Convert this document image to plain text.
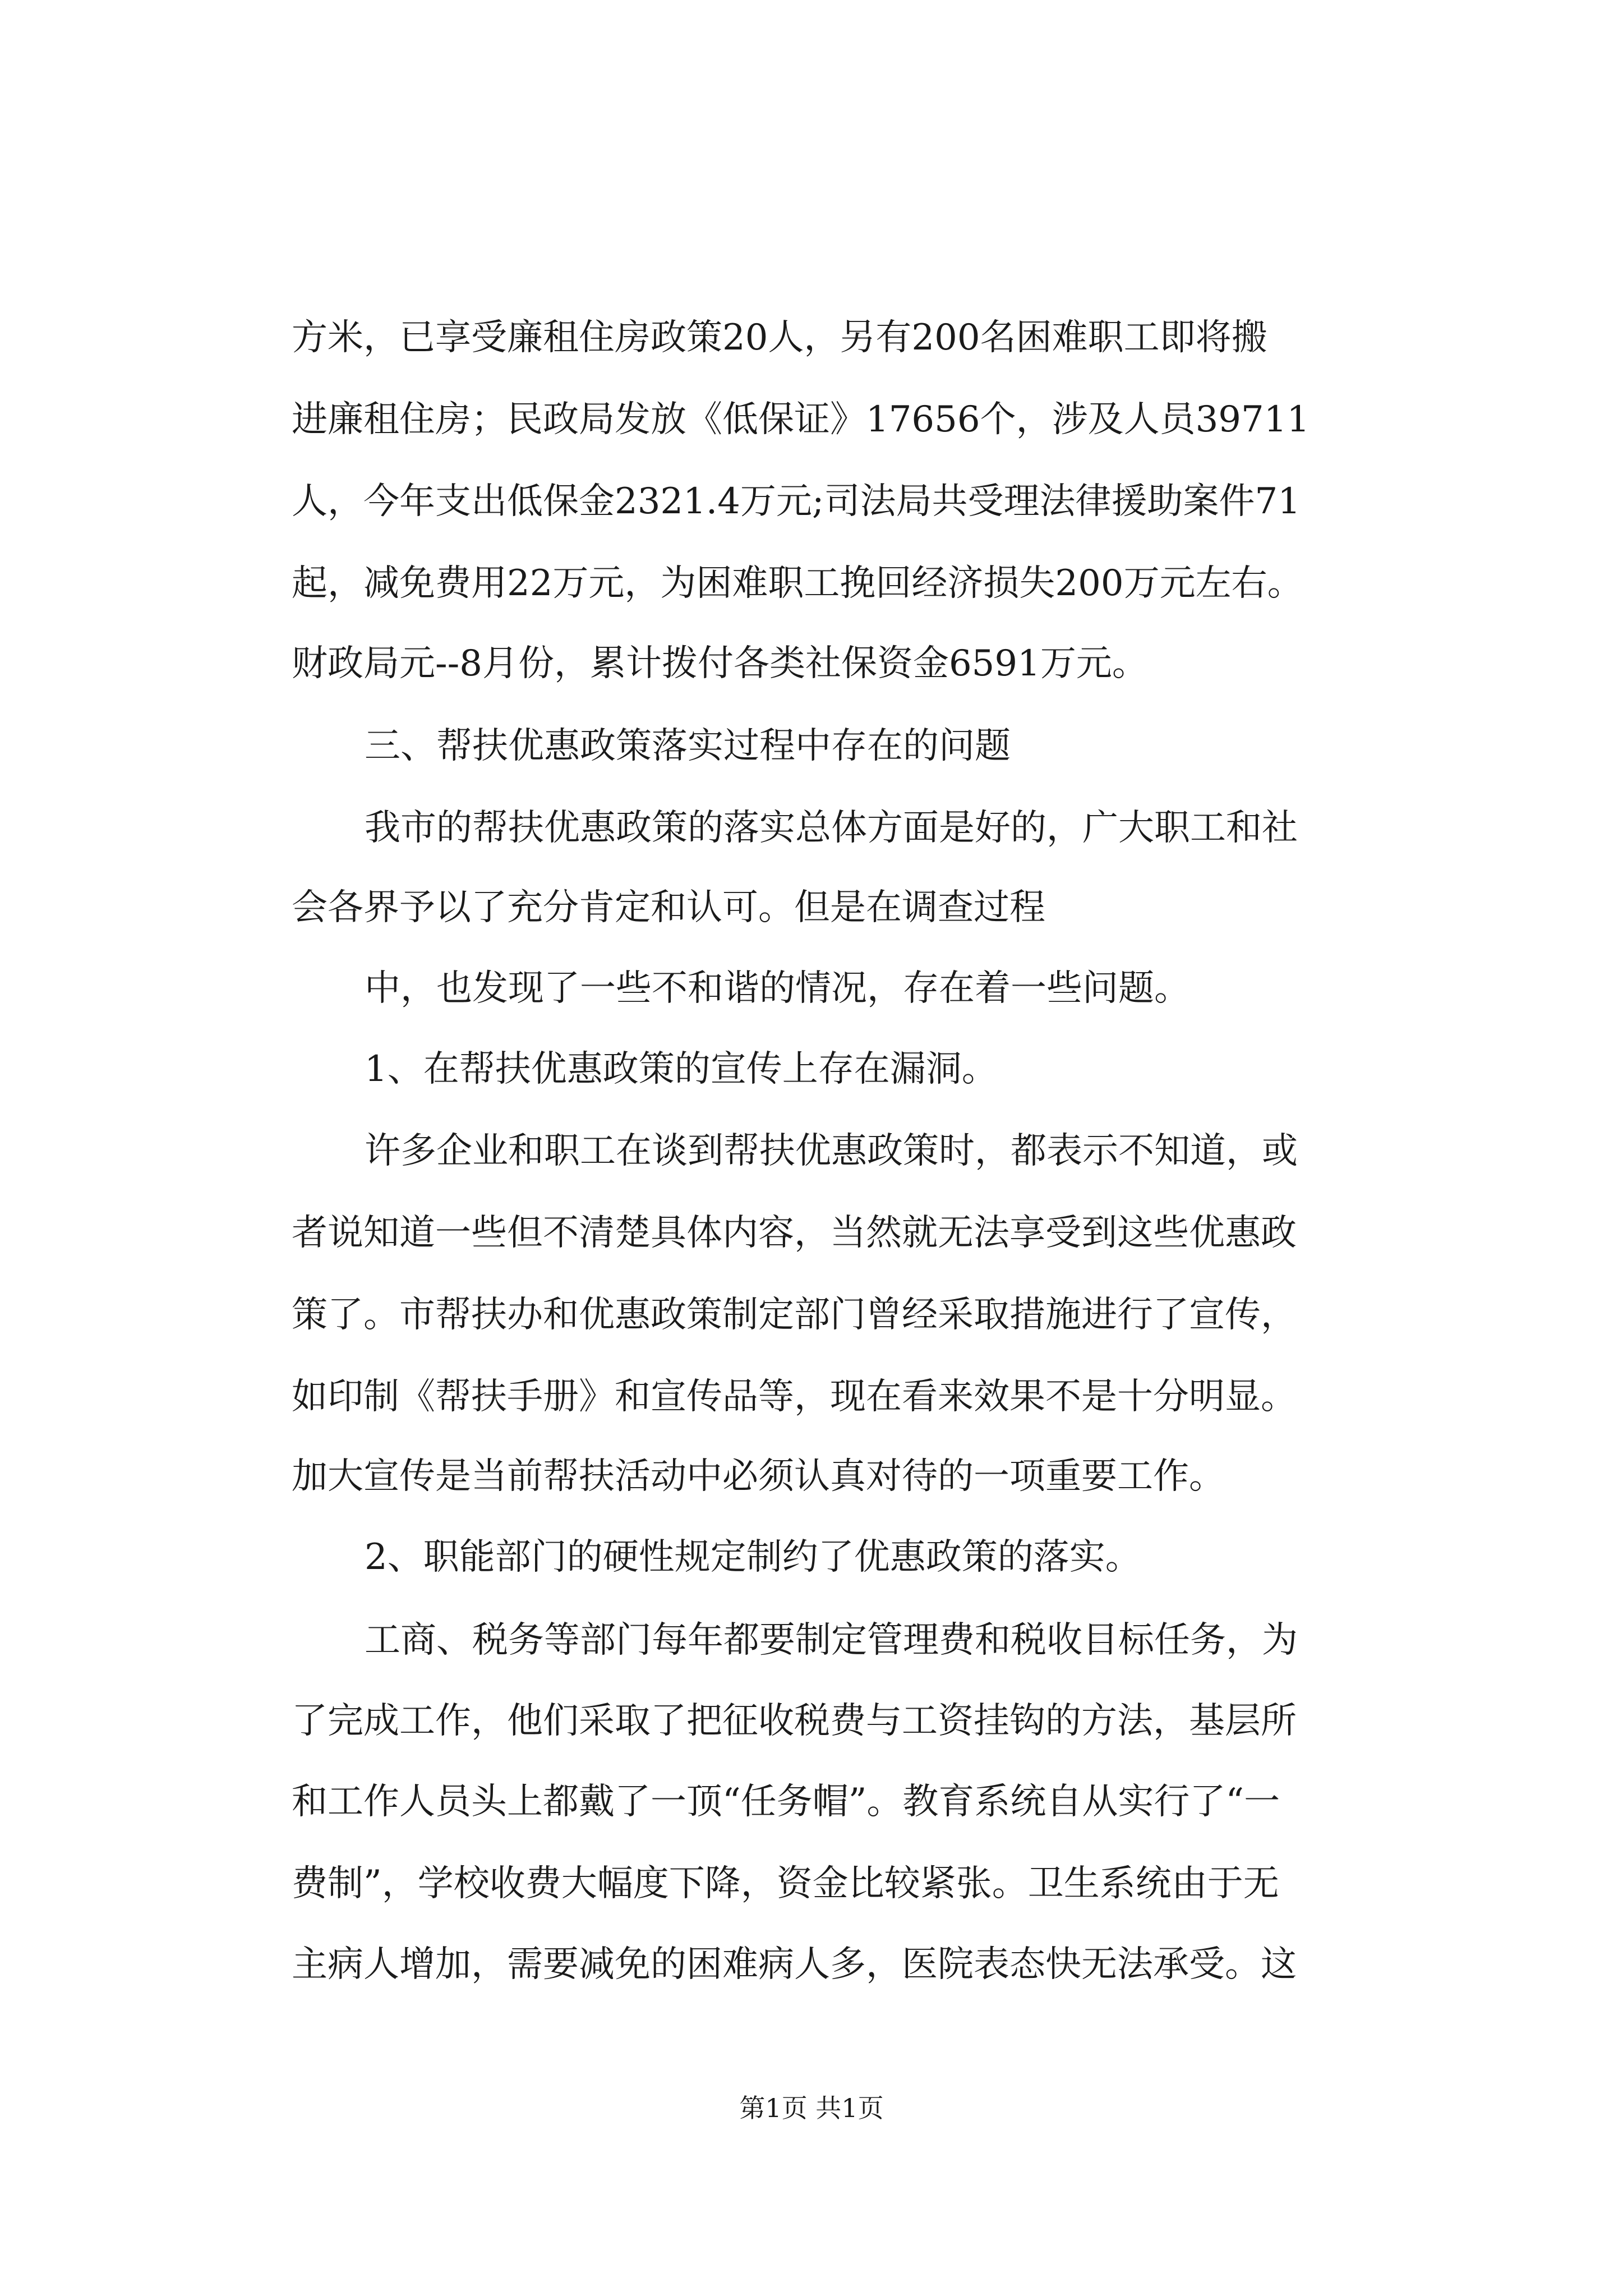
方米，已享受廉租住房政策20人，另有200名困难职工即将搬
进廉租住房；民政局发放《低保证》17656个，涉及人员39711
人，今年支出低保金2321.4万元;司法局共受理法律援助案件71
起，减免费用22万元，为困难职工挽回经济损失200万元左右。
财政局元--8月份，累计拨付各类社保资金6591万元。
三、帮扶优惠政策落实过程中存在的问题
我市的帮扶优惠政策的落实总体方面是好的，广大职工和社
会各界予以了充分肯定和认可。但是在调查过程
中，也发现了一些不和谐的情况，存在着一些问题。
1、在帮扶优惠政策的宣传上存在漏洞。
许多企业和职工在谈到帮扶优惠政策时，都表示不知道，或
者说知道一些但不清楚具体内容，当然就无法享受到这些优惠政
策了。市帮扶办和优惠政策制定部门曾经采取措施进行了宣传，
如印制《帮扶手册》和宣传品等，现在看来效果不是十分明显。
加大宣传是当前帮扶活动中必须认真对待的一项重要工作。
2、职能部门的硬性规定制约了优惠政策的落实。
工商、税务等部门每年都要制定管理费和税收目标任务，为
了完成工作，他们采取了把征收税费与工资挂钩的方法，基层所
和工作人员头上都戴了一顶“任务帽”。教育系统自从实行了“一
费制”，学校收费大幅度下降，资金比较紧张。卫生系统由于无
主病人增加，需要减免的困难病人多，医院表态快无法承受。这
第1页 共1页
